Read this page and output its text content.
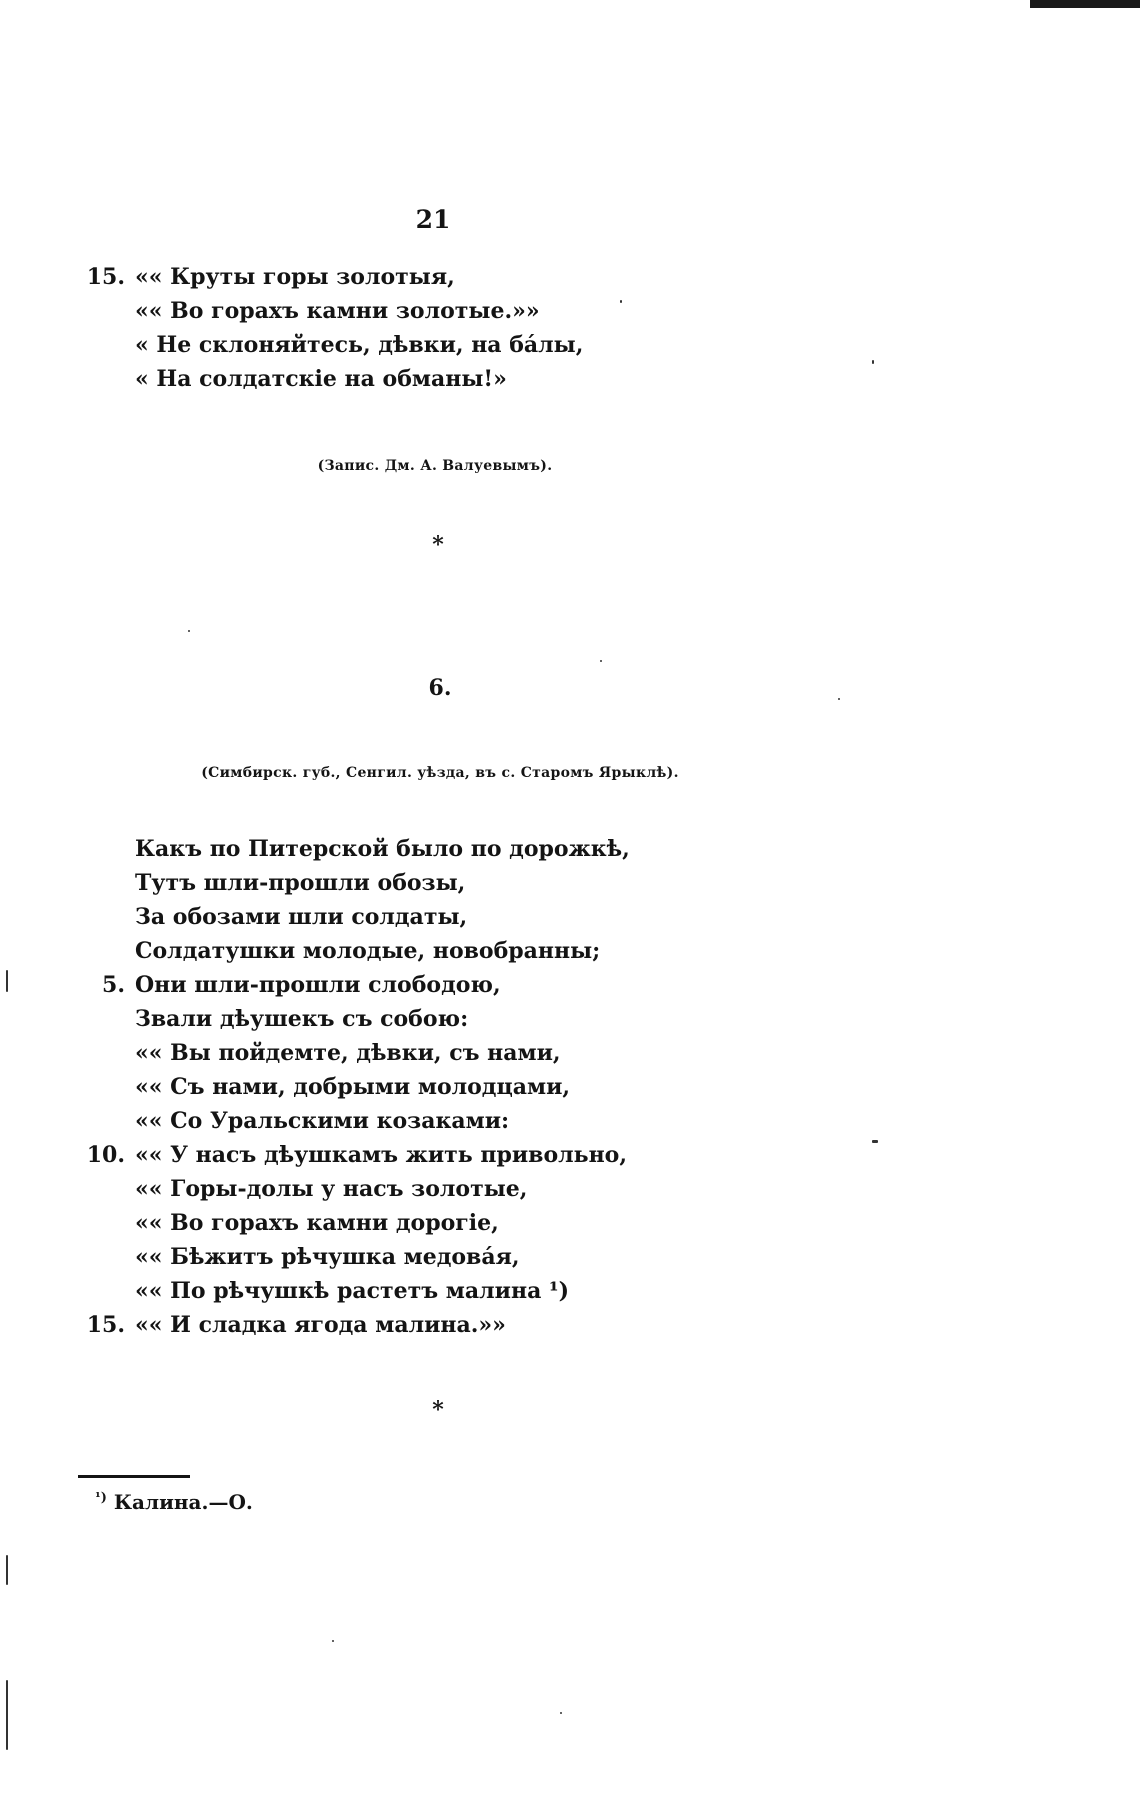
21
15. «« Круты горы золотыя,
«« Во горахъ камни золотые.»»
« Не склоняйтесь, дѣвки, на бáлы,
« На солдатскіе на обманы!»
(Запис. Дм. А. Валуевымъ).
*
6.
(Симбирск. губ., Сенгил. уѣзда, въ с. Старомъ Ярыклѣ).
Какъ по Питерской было по дорожкѣ,
Тутъ шли-прошли обозы,
За обозами шли солдаты,
Солдатушки молодые, новобранны;
5. Они шли-прошли слободою,
Звали дѣушекъ съ собою:
«« Вы пойдемте, дѣвки, съ нами,
«« Съ нами, добрыми молодцами,
«« Со Уральскими козаками:
10. «« У насъ дѣушкамъ жить привольно,
«« Горы-долы у насъ золотые,
«« Во горахъ камни дорогіе,
«« Бѣжитъ рѣчушка медовáя,
«« По рѣчушкѣ растетъ малина ¹)
15. «« И сладка ягода малина.»»
*
$^{^1)}$ Калина.—О.
